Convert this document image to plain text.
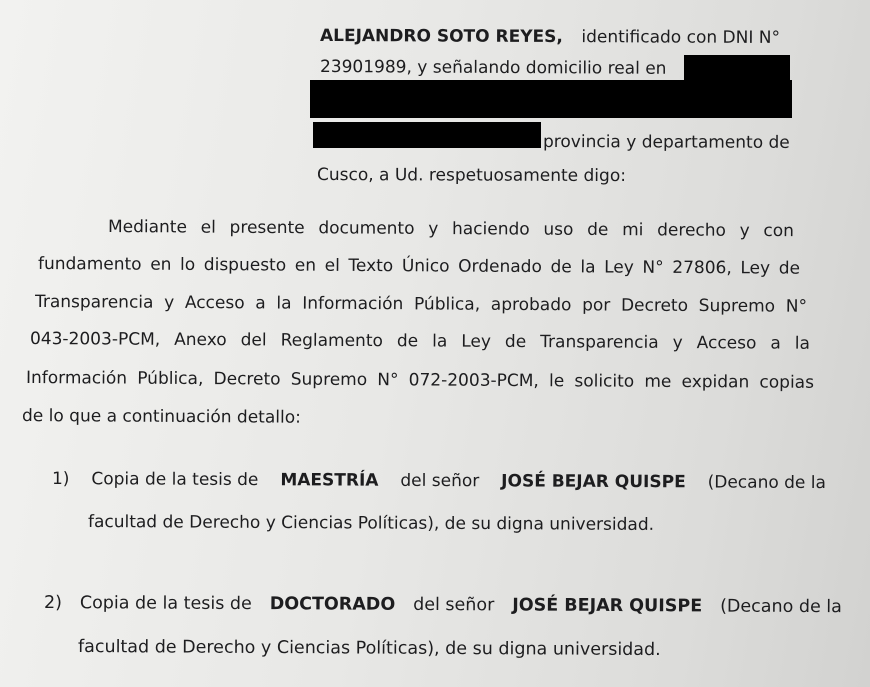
ALEJANDRO SOTO REYES, identificado con DNI N°
23901989, y señalando domicilio real en
provincia y departamento de
Cusco, a Ud. respetuosamente digo:
Mediante el presente documento y haciendo uso de mi derecho y con
fundamento en lo dispuesto en el Texto Único Ordenado de la Ley N° 27806, Ley de
Transparencia y Acceso a la Información Pública, aprobado por Decreto Supremo N°
043-2003-PCM, Anexo del Reglamento de la Ley de Transparencia y Acceso a la
Información Pública, Decreto Supremo N° 072-2003-PCM, le solicito me expidan copias
de lo que a continuación detallo:
1) Copia de la tesis de MAESTRÍA del señor JOSÉ BEJAR QUISPE (Decano de la
facultad de Derecho y Ciencias Políticas), de su digna universidad.
2) Copia de la tesis de DOCTORADO del señor JOSÉ BEJAR QUISPE (Decano de la
facultad de Derecho y Ciencias Políticas), de su digna universidad.
